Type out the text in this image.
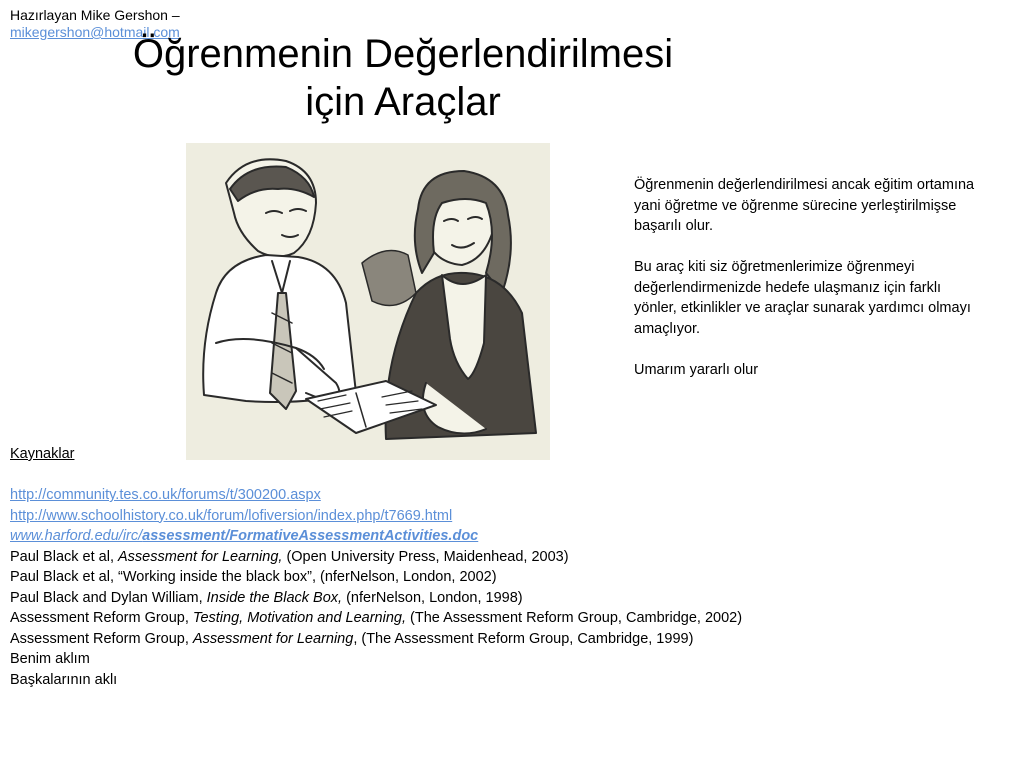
Hazırlayan Mike Gershon –
mikegershon@hotmail.com
Öğrenmenin Değerlendirilmesi
için Araçlar

Öğrenmenin değerlendirilmesi ancak eğitim ortamına yani öğretme ve öğrenme sürecine yerleştirilmişse başarılı olur.

Bu araç kiti siz öğretmenlerimize öğrenmeyi değerlendirmenizde hedefe ulaşmanız için farklı yönler, etkinlikler ve araçlar sunarak yardımcı olmayı amaçlıyor.

Umarım yararlı olur

Kaynaklar
http://community.tes.co.uk/forums/t/300200.aspx
http://www.schoolhistory.co.uk/forum/lofiversion/index.php/t7669.html
www.harford.edu/irc/assessment/FormativeAssessmentActivities.doc
Paul Black et al, Assessment for Learning, (Open University Press, Maidenhead, 2003)
Paul Black et al, “Working inside the black box”, (nferNelson, London, 2002)
Paul Black and Dylan William, Inside the Black Box, (nferNelson, London, 1998)
Assessment Reform Group, Testing, Motivation and Learning, (The Assessment Reform Group, Cambridge, 2002)
Assessment Reform Group, Assessment for Learning, (The Assessment Reform Group, Cambridge, 1999)
Benim aklım
Başkalarının aklı
